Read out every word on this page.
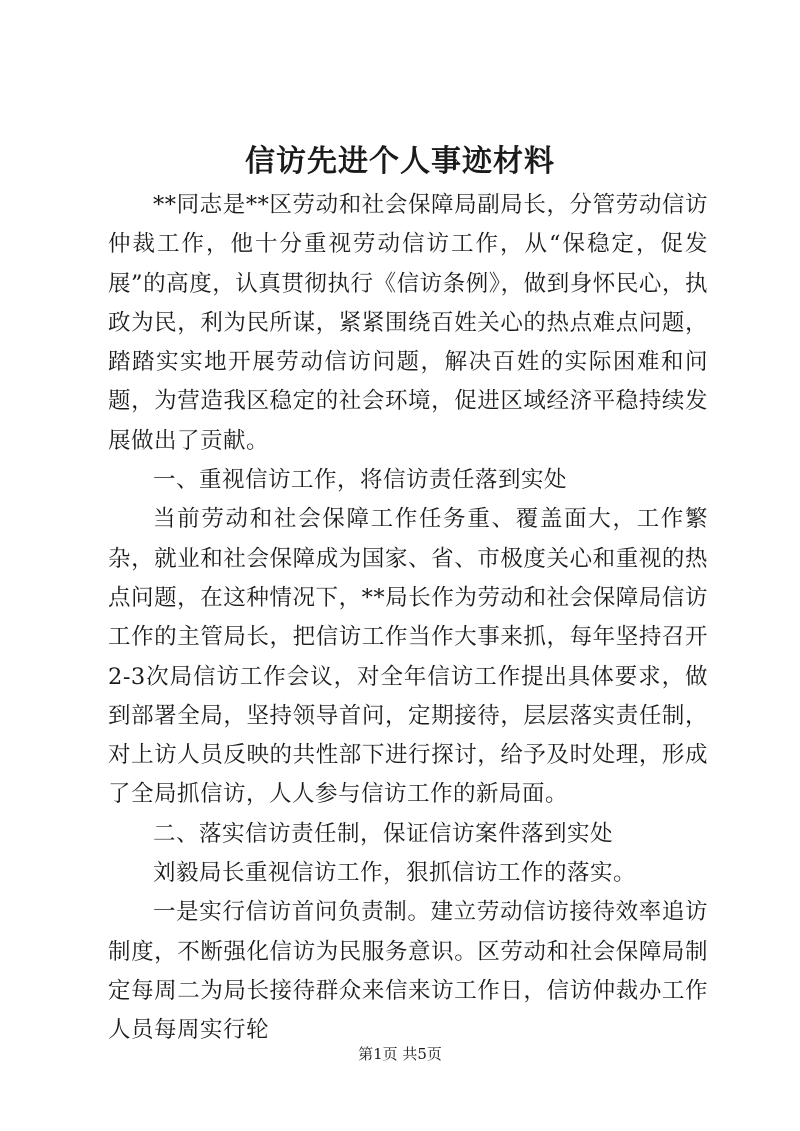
信访先进个人事迹材料

**同志是**区劳动和社会保障局副局长，分管劳动信访仲裁工作，他十分重视劳动信访工作，从“保稳定，促发展”的高度，认真贯彻执行《信访条例》，做到身怀民心，执政为民，利为民所谋，紧紧围绕百姓关心的热点难点问题，踏踏实实地开展劳动信访问题，解决百姓的实际困难和问题，为营造我区稳定的社会环境，促进区域经济平稳持续发展做出了贡献。

一、重视信访工作，将信访责任落到实处

当前劳动和社会保障工作任务重、覆盖面大，工作繁杂，就业和社会保障成为国家、省、市极度关心和重视的热点问题，在这种情况下，**局长作为劳动和社会保障局信访工作的主管局长，把信访工作当作大事来抓，每年坚持召开2-3次局信访工作会议，对全年信访工作提出具体要求，做到部署全局，坚持领导首问，定期接待，层层落实责任制，对上访人员反映的共性部下进行探讨，给予及时处理，形成了全局抓信访，人人参与信访工作的新局面。

二、落实信访责任制，保证信访案件落到实处

刘毅局长重视信访工作，狠抓信访工作的落实。

一是实行信访首问负责制。建立劳动信访接待效率追访制度，不断强化信访为民服务意识。区劳动和社会保障局制定每周二为局长接待群众来信来访工作日，信访仲裁办工作人员每周实行轮

第1页 共5页
